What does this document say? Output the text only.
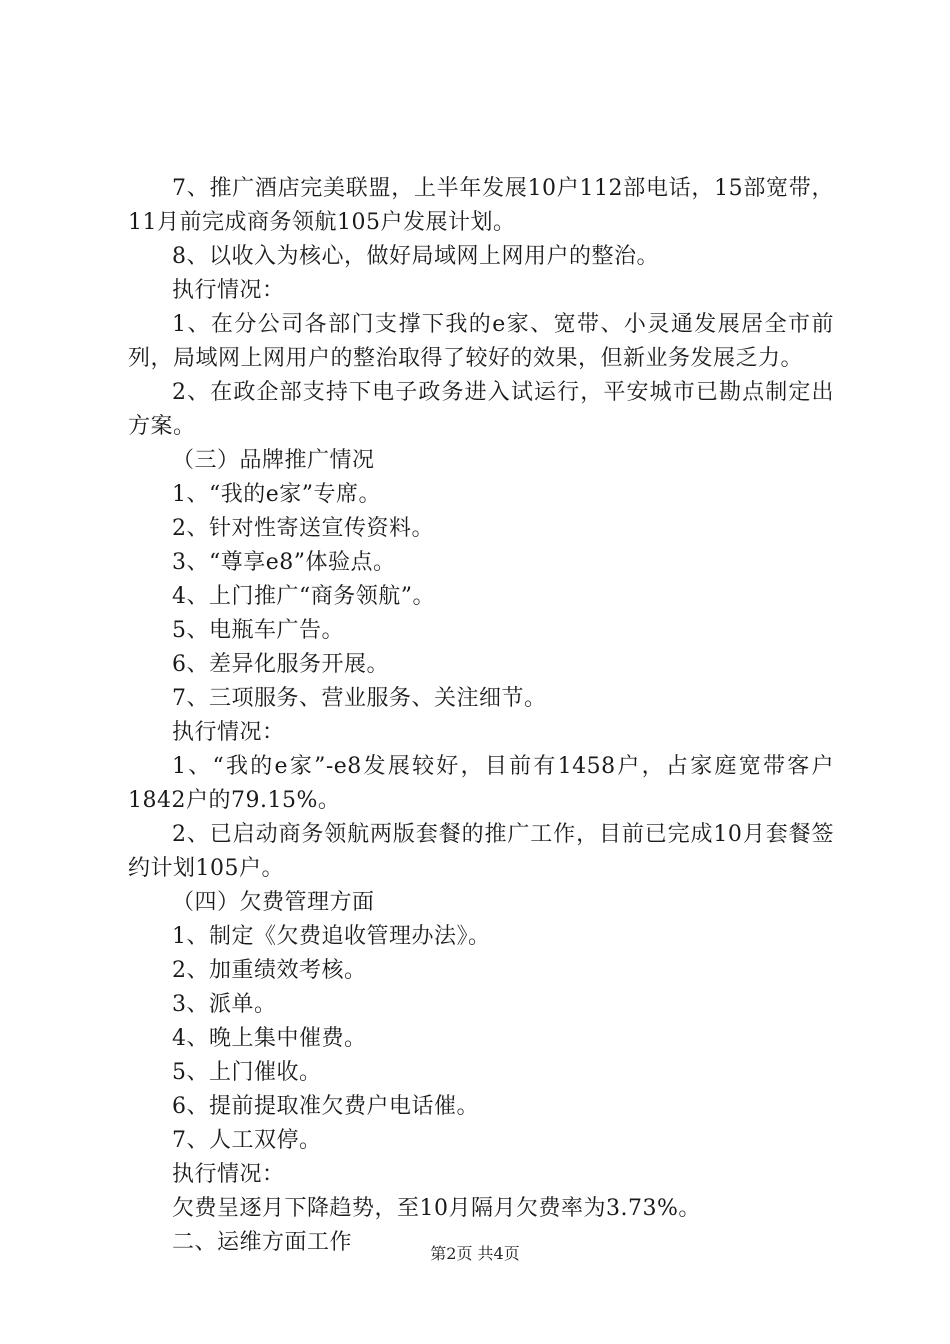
7、推广酒店完美联盟，上半年发展10户112部电话，15部宽带，11月前完成商务领航105户发展计划。

8、以收入为核心，做好局域网上网用户的整治。

执行情况：

1、在分公司各部门支撑下我的e家、宽带、小灵通发展居全市前列，局域网上网用户的整治取得了较好的效果，但新业务发展乏力。

2、在政企部支持下电子政务进入试运行，平安城市已勘点制定出方案。

（三）品牌推广情况

1、“我的e家”专席。

2、针对性寄送宣传资料。

3、“尊享e8”体验点。

4、上门推广“商务领航”。

5、电瓶车广告。

6、差异化服务开展。

7、三项服务、营业服务、关注细节。

执行情况：

1、“我的e家”-e8发展较好，目前有1458户，占家庭宽带客户1842户的79.15%。

2、已启动商务领航两版套餐的推广工作，目前已完成10月套餐签约计划105户。

（四）欠费管理方面

1、制定《欠费追收管理办法》。

2、加重绩效考核。

3、派单。

4、晚上集中催费。

5、上门催收。

6、提前提取准欠费户电话催。

7、人工双停。

执行情况：

欠费呈逐月下降趋势，至10月隔月欠费率为3.73%。

二、运维方面工作	第2页 共4页
